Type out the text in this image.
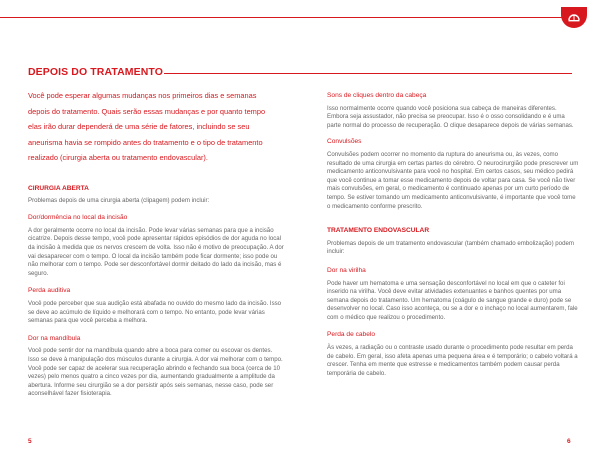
DEPOIS DO TRATAMENTO

Você pode esperar algumas mudanças nos primeiros dias e semanas depois do tratamento. Quais serão essas mudanças e por quanto tempo elas irão durar dependerá de uma série de fatores, incluindo se seu aneurisma havia se rompido antes do tratamento e o tipo de tratamento realizado (cirurgia aberta ou tratamento endovascular).

CIRURGIA ABERTA

Problemas depois de uma cirurgia aberta (clipagem) podem incluir:

Dor/dormência no local da incisão

A dor geralmente ocorre no local da incisão. Pode levar várias semanas para que a incisão cicatrize. Depois desse tempo, você pode apresentar rápidos episódios de dor aguda no local da incisão à medida que os nervos crescem de volta. Isso não é motivo de preocupação. A dor vai desaparecer com o tempo. O local da incisão também pode ficar dormente; isso pode ou não melhorar com o tempo. Pode ser desconfortável dormir deitado do lado da incisão, mas é seguro.

Perda auditiva

Você pode perceber que sua audição está abafada no ouvido do mesmo lado da incisão. Isso se deve ao acúmulo de líquido e melhorará com o tempo. No entanto, pode levar várias semanas para que você perceba a melhora.

Dor na mandíbula

Você pode sentir dor na mandíbula quando abre a boca para comer ou escovar os dentes. Isso se deve à manipulação dos músculos durante a cirurgia. A dor vai melhorar com o tempo. Você pode ser capaz de acelerar sua recuperação abrindo e fechando sua boca (cerca de 10 vezes) pelo menos quatro a cinco vezes por dia, aumentando gradualmente a amplitude da abertura. Informe seu cirurgião se a dor persistir após seis semanas, nesse caso, pode ser aconselhável fazer fisioterapia.

Sons de cliques dentro da cabeça

Isso normalmente ocorre quando você posiciona sua cabeça de maneiras diferentes. Embora seja assustador, não precisa se preocupar. Isso é o osso consolidando e é uma parte normal do processo de recuperação. O clique desaparece depois de várias semanas.

Convulsões

Convulsões podem ocorrer no momento da ruptura do aneurisma ou, às vezes, como resultado de uma cirurgia em certas partes do cérebro. O neurocirurgião pode prescrever um medicamento anticonvulsivante para você no hospital. Em certos casos, seu médico pedirá que você continue a tomar esse medicamento depois de voltar para casa. Se você não tiver mais convulsões, em geral, o medicamento é continuado apenas por um curto período de tempo. Se estiver tomando um medicamento anticonvulsivante, é importante que você tome o medicamento conforme prescrito.

TRATAMENTO ENDOVASCULAR

Problemas depois de um tratamento endovascular (também chamado embolização) podem incluir:

Dor na virilha

Pode haver um hematoma e uma sensação desconfortável no local em que o cateter foi inserido na virilha. Você deve evitar atividades extenuantes e banhos quentes por uma semana depois do tratamento. Um hematoma (coágulo de sangue grande e duro) pode se desenvolver no local. Caso isso aconteça, ou se a dor e o inchaço no local aumentarem, fale com o médico que realizou o procedimento.

Perda de cabelo

Às vezes, a radiação ou o contraste usado durante o procedimento pode resultar em perda de cabelo. Em geral, isso afeta apenas uma pequena área e é temporário; o cabelo voltará a crescer. Tenha em mente que estresse e medicamentos também podem causar perda temporária de cabelo.

5	6
